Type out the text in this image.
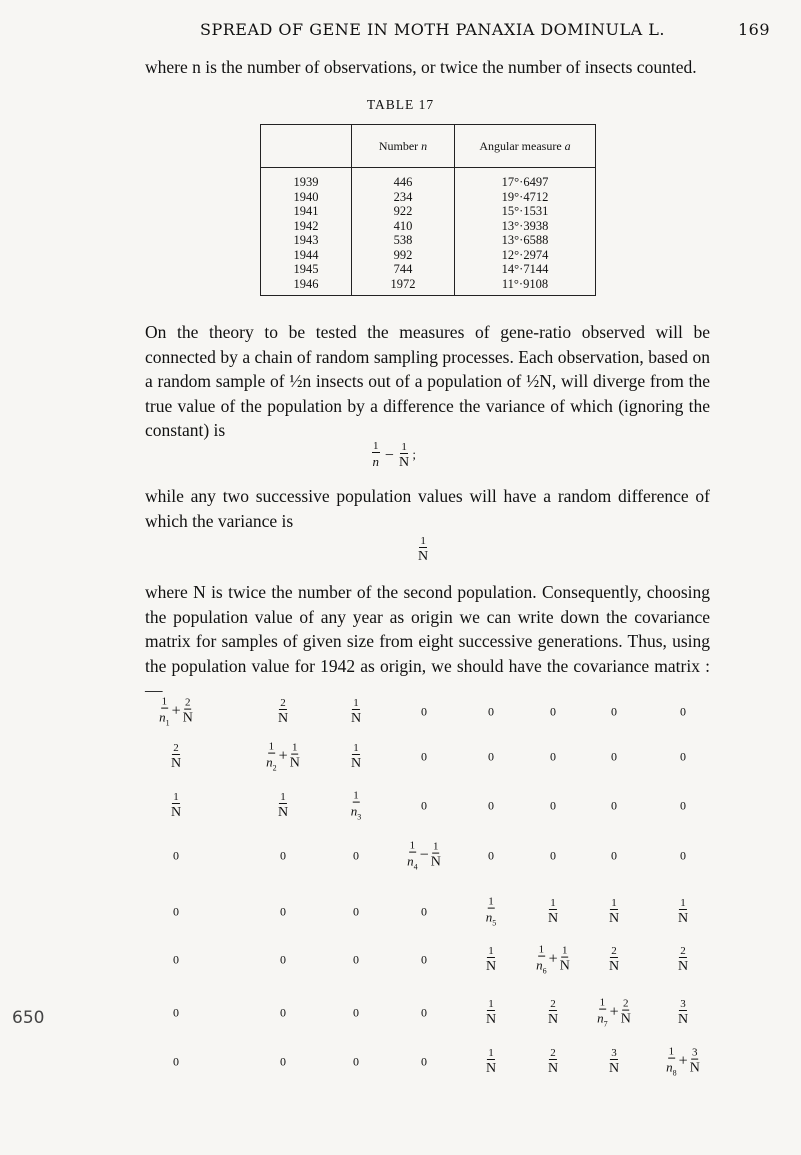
SPREAD OF GENE IN MOTH PANAXIA DOMINULA L.	169
where n is the number of observations, or twice the number of insects counted.
TABLE 17
	Number n	Angular measure a
1939	446	17°·6497
1940	234	19°·4712
1941	922	15°·1531
1942	410	13°·3938
1943	538	13°·6588
1944	992	12°·2974
1945	744	14°·7144
1946	1972	11°·9108
On the theory to be tested the measures of gene-ratio observed will be connected by a chain of random sampling processes. Each observation, based on a random sample of ½n insects out of a population of ½N, will diverge from the true value of the population by a difference the variance of which (ignoring the constant) is
$\frac{1}{n} - \frac{1}{N}$ ;
while any two successive population values will have a random difference of which the variance is
$\frac{1}{N}$
where N is twice the number of the second population. Consequently, choosing the population value of any year as origin we can write down the covariance matrix for samples of given size from eight successive generations. Thus, using the population value for 1942 as origin, we should have the covariance matrix :—
$\frac{1}{n_1} + \frac{2}{N}$	$\frac{2}{N}$	$\frac{1}{N}$	0	0	0	0	0
$\frac{2}{N}$	$\frac{1}{n_2} + \frac{1}{N}$	$\frac{1}{N}$	0	0	0	0	0
$\frac{1}{N}$	$\frac{1}{N}$	$\frac{1}{n_3}$	0	0	0	0	0
0	0	0	$\frac{1}{n_4} - \frac{1}{N}$	0	0	0	0
0	0	0	0	$\frac{1}{n_5}$	$\frac{1}{N}$	$\frac{1}{N}$	$\frac{1}{N}$
0	0	0	0	$\frac{1}{N}$	$\frac{1}{n_6} + \frac{1}{N}$	$\frac{2}{N}$	$\frac{2}{N}$
0	0	0	0	$\frac{1}{N}$	$\frac{2}{N}$	$\frac{1}{n_7} + \frac{2}{N}$	$\frac{3}{N}$
0	0	0	0	$\frac{1}{N}$	$\frac{2}{N}$	$\frac{3}{N}$	$\frac{1}{n_8} + \frac{3}{N}$
650
